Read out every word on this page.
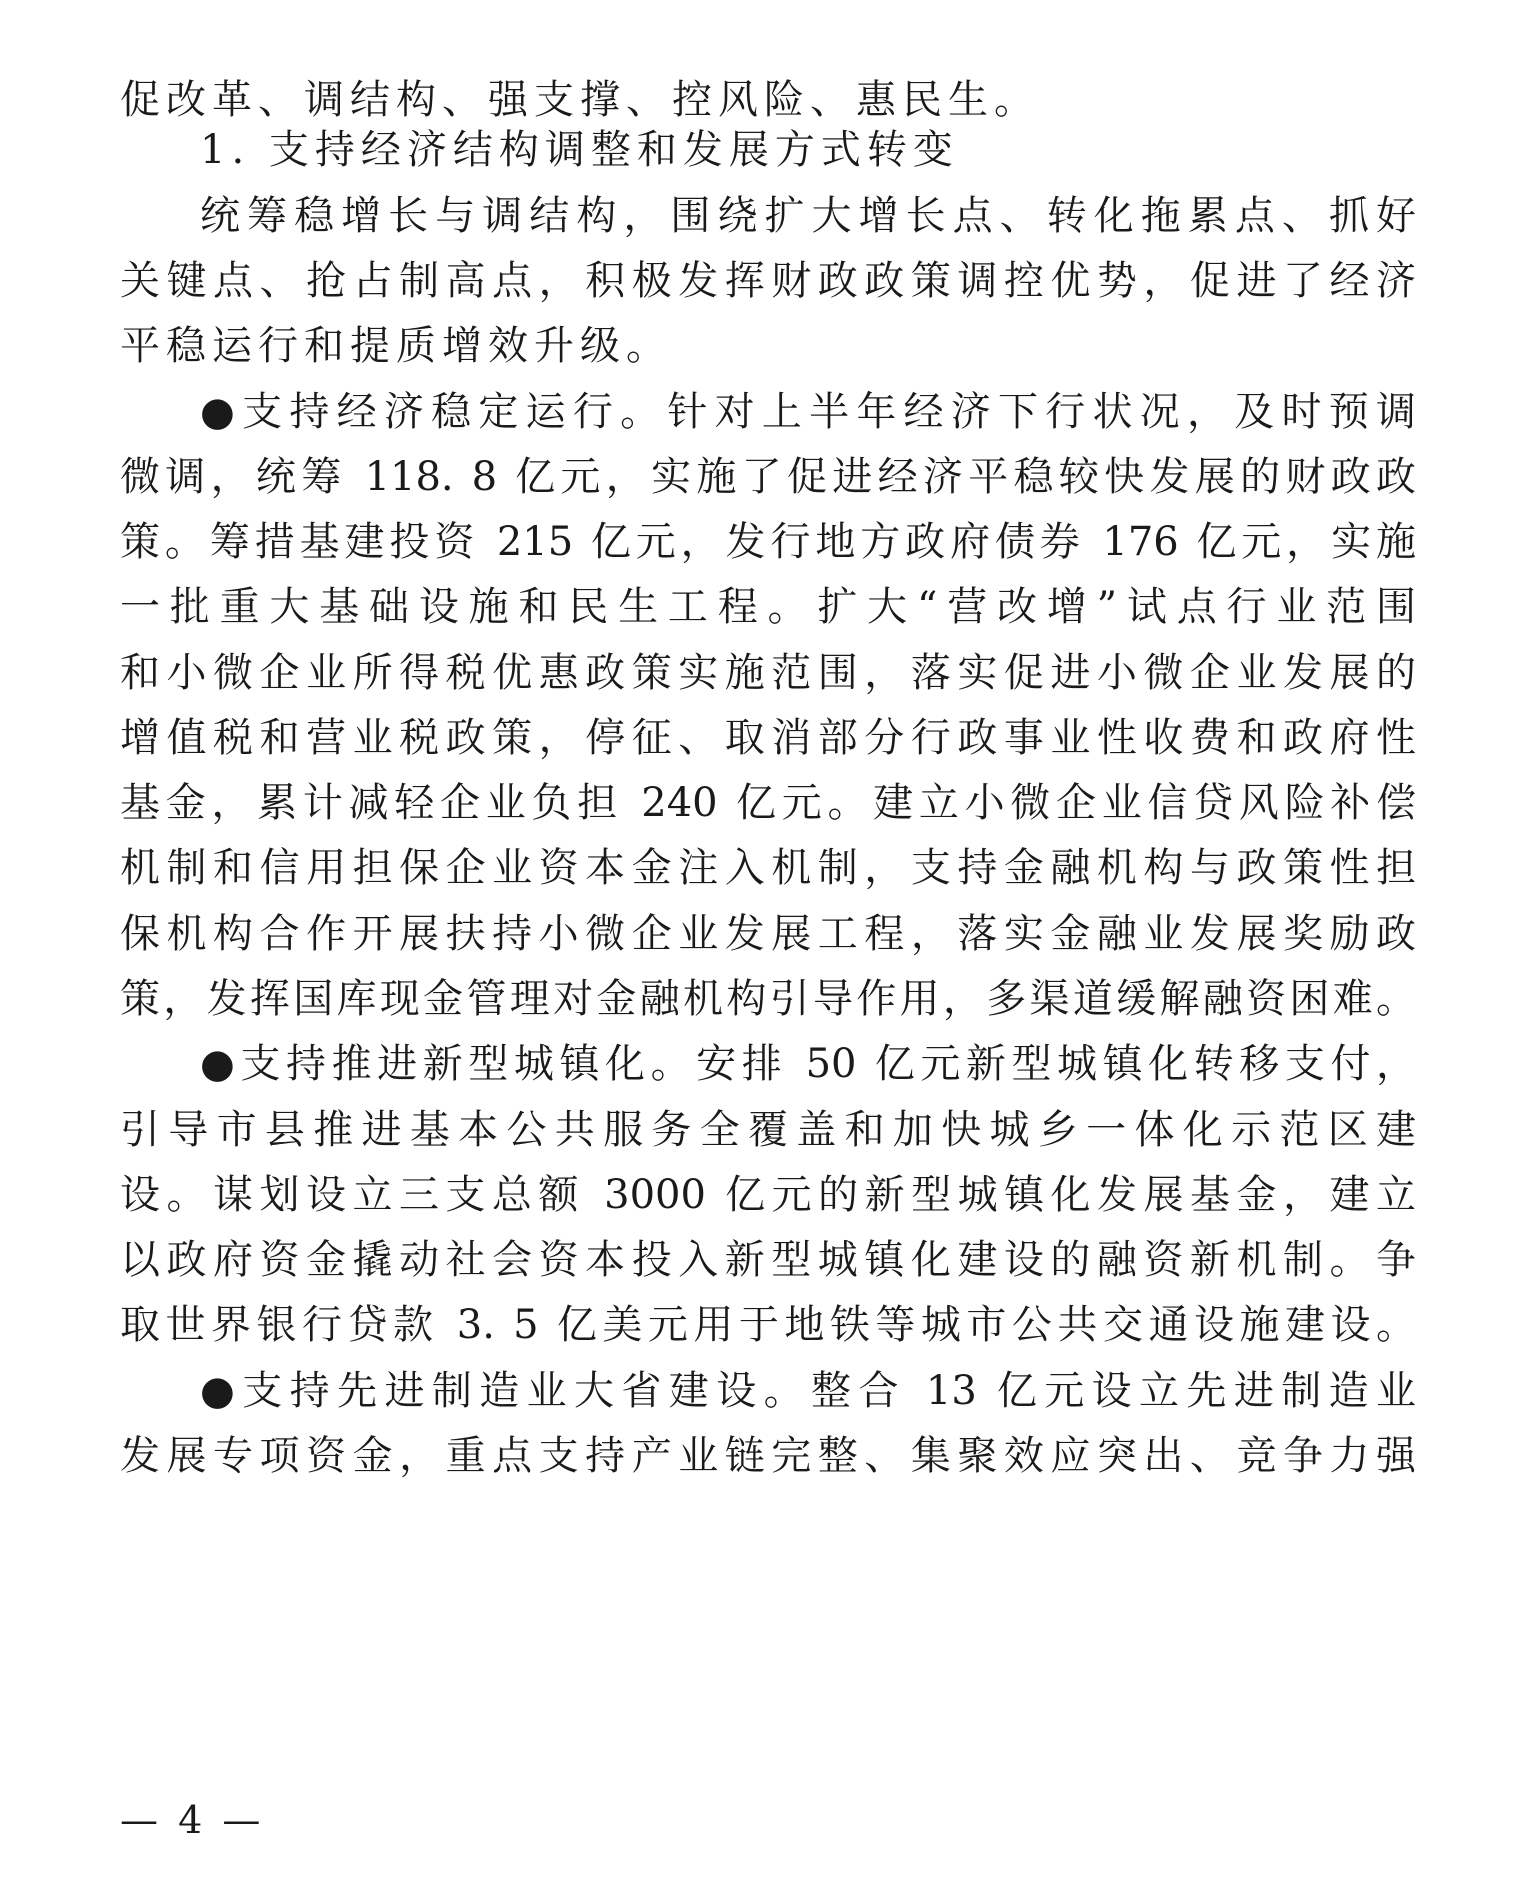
促改革、调结构、强支撑、控风险、惠民生。
1. 支持经济结构调整和发展方式转变
统筹稳增长与调结构，围绕扩大增长点、转化拖累点、抓好
关键点、抢占制高点，积极发挥财政政策调控优势，促进了经济
平稳运行和提质增效升级。
●支持经济稳定运行。针对上半年经济下行状况，及时预调
微调，统筹 118. 8 亿元，实施了促进经济平稳较快发展的财政政
策。筹措基建投资 215 亿元，发行地方政府债券 176 亿元，实施
一批重大基础设施和民生工程。扩大“营改增”试点行业范围
和小微企业所得税优惠政策实施范围，落实促进小微企业发展的
增值税和营业税政策，停征、取消部分行政事业性收费和政府性
基金，累计减轻企业负担 240 亿元。建立小微企业信贷风险补偿
机制和信用担保企业资本金注入机制，支持金融机构与政策性担
保机构合作开展扶持小微企业发展工程，落实金融业发展奖励政
策，发挥国库现金管理对金融机构引导作用，多渠道缓解融资困难。
●支持推进新型城镇化。安排 50 亿元新型城镇化转移支付，
引导市县推进基本公共服务全覆盖和加快城乡一体化示范区建
设。谋划设立三支总额 3000 亿元的新型城镇化发展基金，建立
以政府资金撬动社会资本投入新型城镇化建设的融资新机制。争
取世界银行贷款 3. 5 亿美元用于地铁等城市公共交通设施建设。
●支持先进制造业大省建设。整合 13 亿元设立先进制造业
发展专项资金，重点支持产业链完整、集聚效应突出、竞争力强
— 4 —
